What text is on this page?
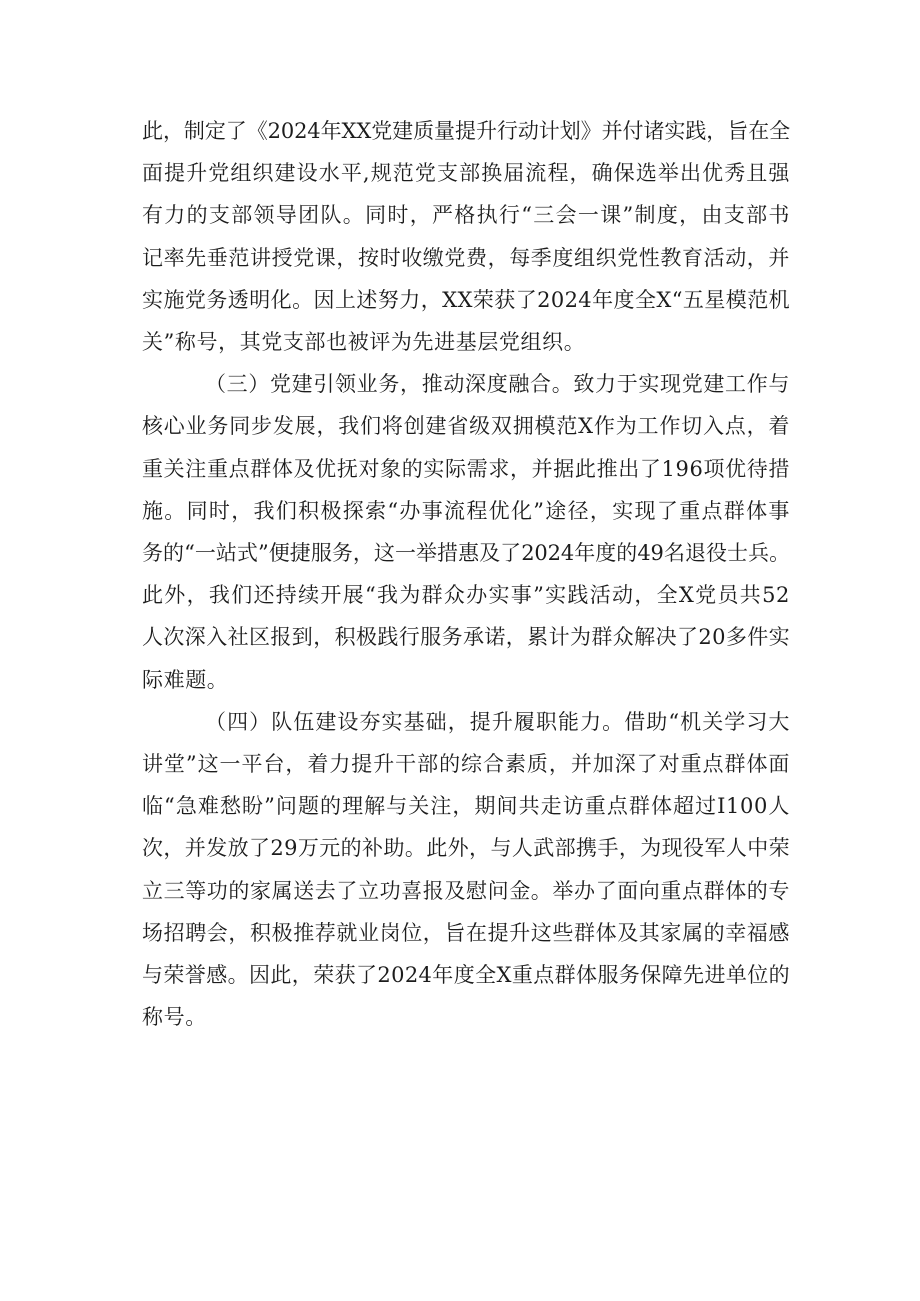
此，制定了《2024年XX党建质量提升行动计划》并付诸实践，旨在全
面提升党组织建设水平,规范党支部换届流程，确保选举出优秀且强
有力的支部领导团队。同时，严格执行“三会一课”制度，由支部书
记率先垂范讲授党课，按时收缴党费，每季度组织党性教育活动，并
实施党务透明化。因上述努力，XX荣获了2024年度全X“五星模范机
关”称号，其党支部也被评为先进基层党组织。
（三）党建引领业务，推动深度融合。致力于实现党建工作与
核心业务同步发展，我们将创建省级双拥模范X作为工作切入点，着
重关注重点群体及优抚对象的实际需求，并据此推出了196项优待措
施。同时，我们积极探索“办事流程优化”途径，实现了重点群体事
务的“一站式”便捷服务，这一举措惠及了2024年度的49名退役士兵。
此外，我们还持续开展“我为群众办实事”实践活动，全X党员共52
人次深入社区报到，积极践行服务承诺，累计为群众解决了20多件实
际难题。
（四）队伍建设夯实基础，提升履职能力。借助“机关学习大
讲堂”这一平台，着力提升干部的综合素质，并加深了对重点群体面
临“急难愁盼”问题的理解与关注，期间共走访重点群体超过I100人
次，并发放了29万元的补助。此外，与人武部携手，为现役军人中荣
立三等功的家属送去了立功喜报及慰问金。举办了面向重点群体的专
场招聘会，积极推荐就业岗位，旨在提升这些群体及其家属的幸福感
与荣誉感。因此，荣获了2024年度全X重点群体服务保障先进单位的
称号。
